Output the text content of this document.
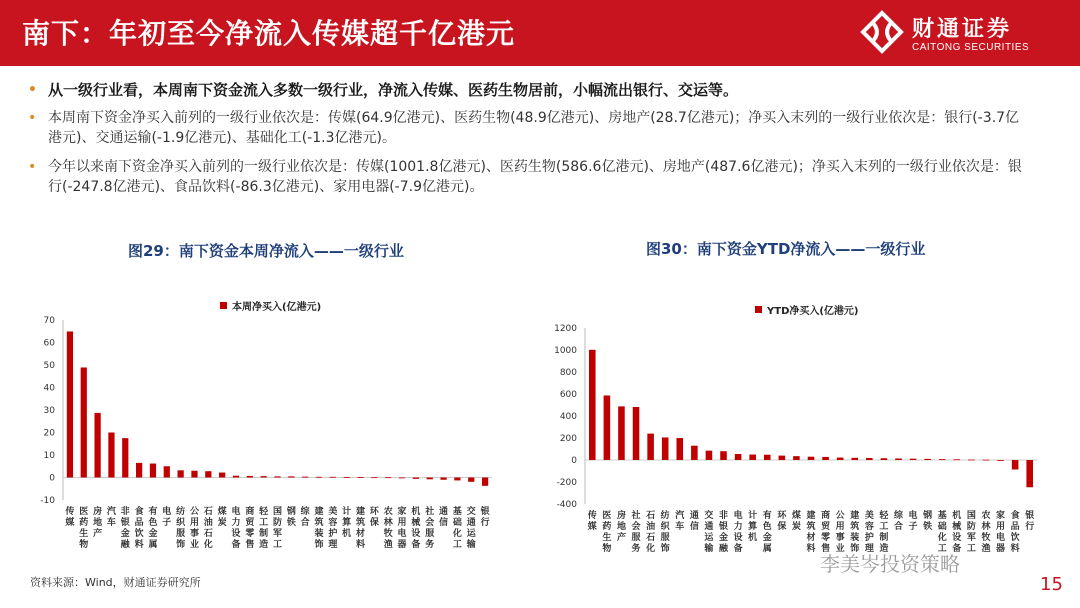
南下：年初至今净流入传媒超千亿港元	财通证券
CAITONG SECURITIES
• 从一级行业看，本周南下资金流入多数一级行业，净流入传媒、医药生物居前，小幅流出银行、交运等。
• 本周南下资金净买入前列的一级行业依次是：传媒(64.9亿港元)、医药生物(48.9亿港元)、房地产(28.7亿港元)；净买入末列的一级行业依次是：银行(-3.7亿港元)、交通运输(-1.9亿港元)、基础化工(-1.3亿港元)。
• 今年以来南下资金净买入前列的一级行业依次是：传媒(1001.8亿港元)、医药生物(586.6亿港元)、房地产(487.6亿港元)；净买入末列的一级行业依次是：银行(-247.8亿港元)、食品饮料(-86.3亿港元)、家用电器(-7.9亿港元)。
图29：南下资金本周净流入——一级行业	图30：南下资金YTD净流入——一级行业
本周净买入(亿港元)
-10
0
10
20
30
40
50
60
70
传媒
医药生物
房地产
汽车
非银金融
食品饮料
有色金属
电子
纺织服饰
公用事业
石油石化
煤炭
电力设备
商贸零售
轻工制造
国防军工
钢铁
综合
建筑装饰
美容护理
计算机
建筑材料
环保
农林牧渔
家用电器
机械设备
社会服务
通信
基础化工
交通运输
银行
YTD净买入(亿港元)
-400
-200
0
200
400
600
800
1000
1200
传媒
医药生物
房地产
社会服务
石油石化
纺织服饰
汽车
通信
交通运输
非银金融
电力设备
计算机
有色金属
环保
煤炭
建筑材料
商贸零售
公用事业
建筑装饰
美容护理
轻工制造
综合
电子
钢铁
基础化工
机械设备
国防军工
农林牧渔
家用电器
食品饮料
银行
资料来源：Wind，财通证券研究所
李美岑投资策略
15
